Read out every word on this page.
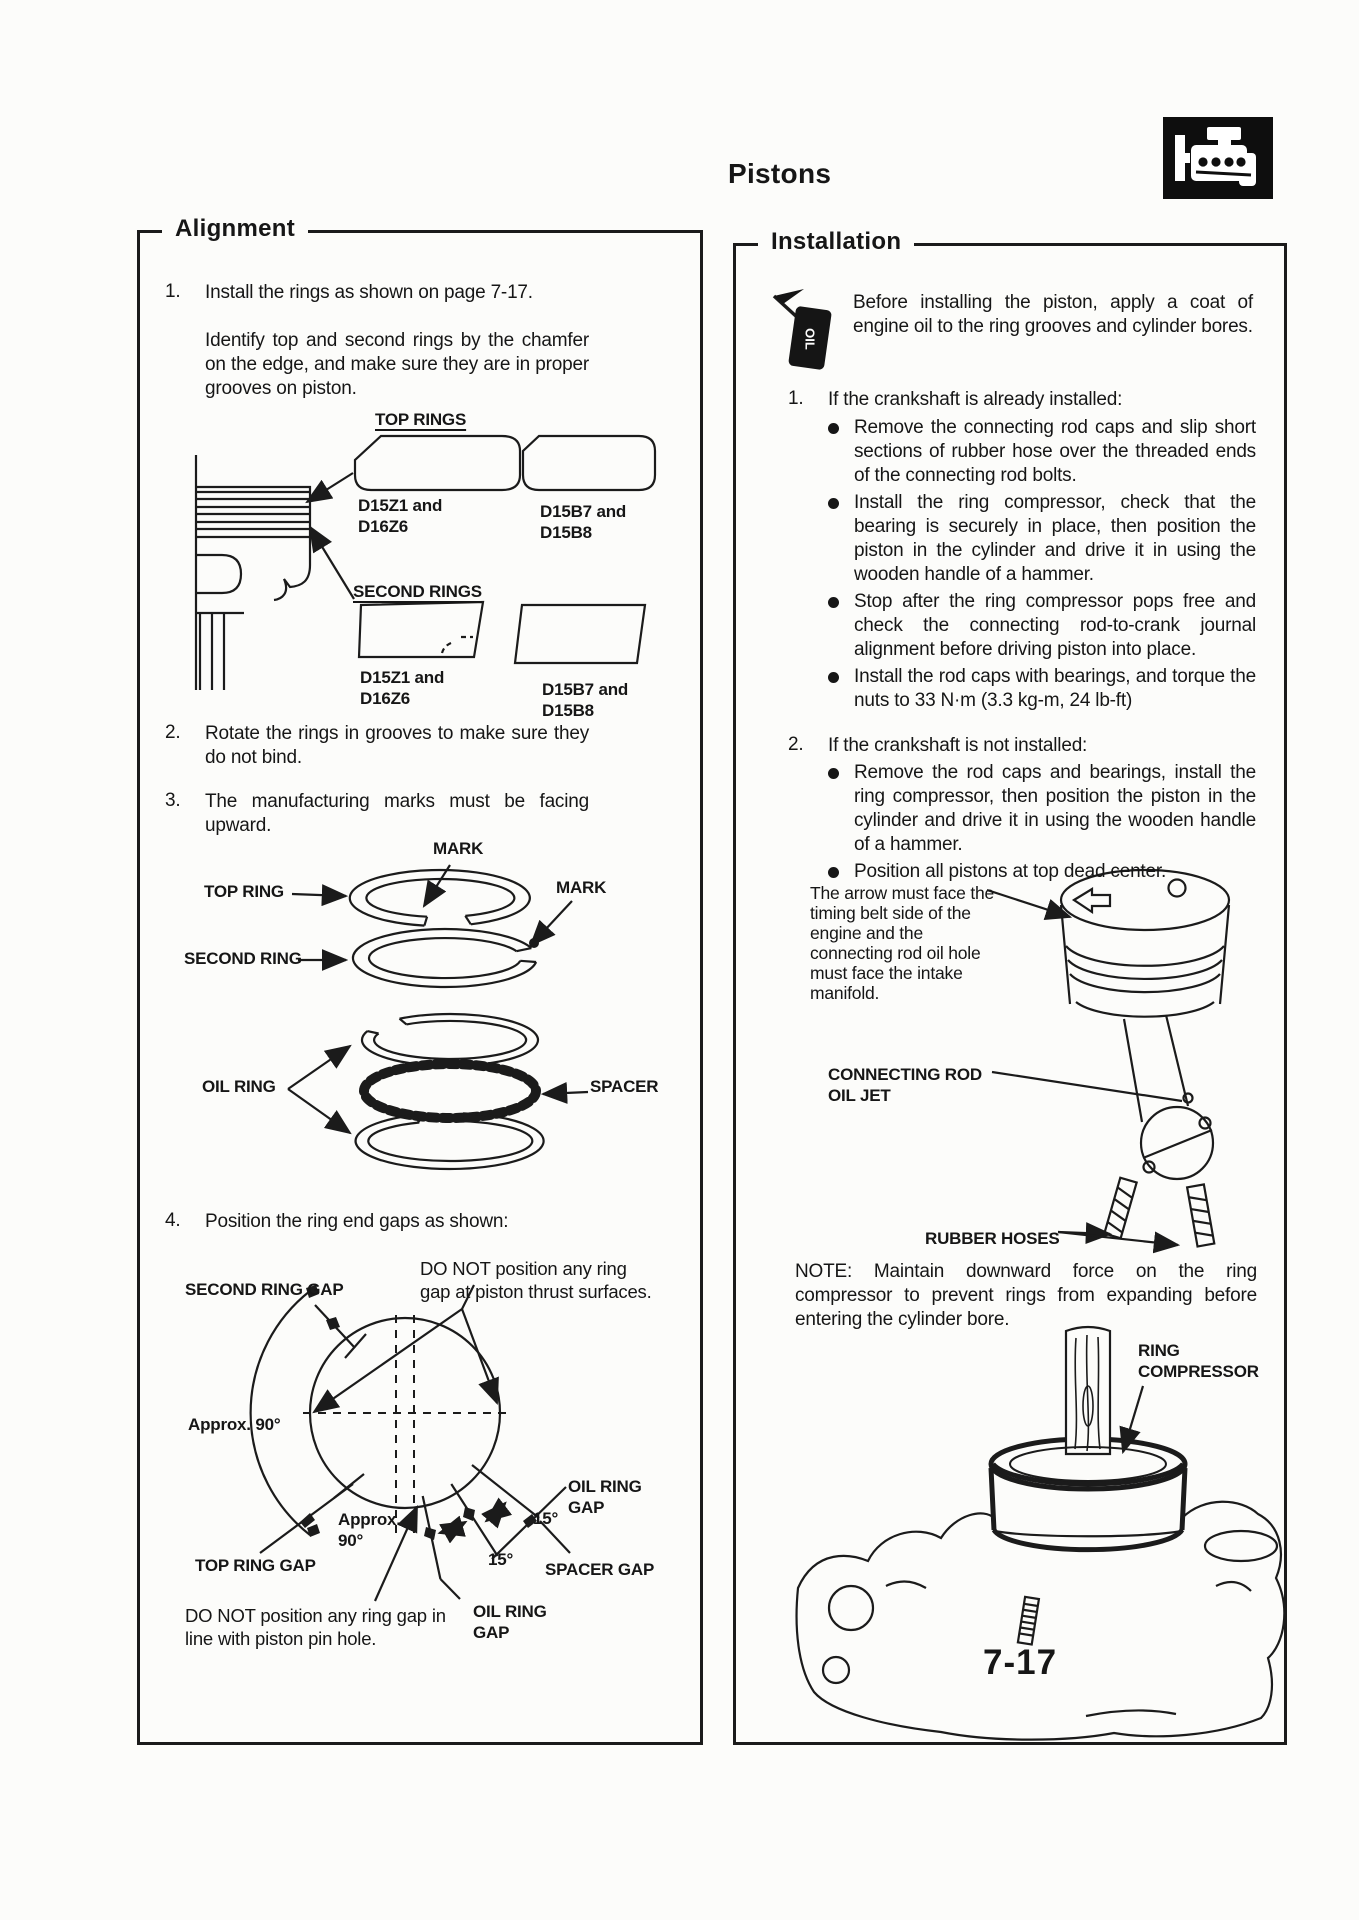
Pistons
Alignment
1.	Install the rings as shown on page 7-17.
Identify top and second rings by the chamfer on the edge, and make sure they are in proper grooves on piston.
TOP RINGS
D15Z1 and D16Z6
D15B7 and D15B8
SECOND RINGS
D15Z1 and D16Z6	D15B7 and D15B8
2.	Rotate the rings in grooves to make sure they do not bind.
3.	The manufacturing marks must be facing upward.
MARK
TOP RING	MARK
SECOND RING
OIL RING	SPACER
4.	Position the ring end gaps as shown:
SECOND RING GAP
DO NOT position any ring gap at piston thrust surfaces.
Approx. 90°
Approx. 90°
TOP RING GAP	15°
15°
OIL RING GAP
SPACER GAP
OIL RING GAP
DO NOT position any ring gap in line with piston pin hole.
Installation
OIL
Before installing the piston, apply a coat of engine oil to the ring grooves and cylinder bores.
1.	If the crankshaft is already installed:
Remove the connecting rod caps and slip short sections of rubber hose over the threaded ends of the connecting rod bolts.
Install the ring compressor, check that the bearing is securely in place, then position the piston in the cylinder and drive it in using the wooden handle of a hammer.
Stop after the ring compressor pops free and check the connecting rod-to-crank journal alignment before driving piston into place.
Install the rod caps with bearings, and torque the nuts to 33 N·m (3.3 kg-m, 24 lb-ft)
2.	If the crankshaft is not installed:
Remove the rod caps and bearings, install the ring compressor, then position the piston in the cylinder and drive it in using the wooden handle of a hammer.
Position all pistons at top dead center.
The arrow must face the timing belt side of the engine and the connecting rod oil hole must face the intake manifold.
CONNECTING ROD OIL JET
RUBBER HOSES
NOTE: Maintain downward force on the ring compressor to prevent rings from expanding before entering the cylinder bore.
RING COMPRESSOR
7-17
